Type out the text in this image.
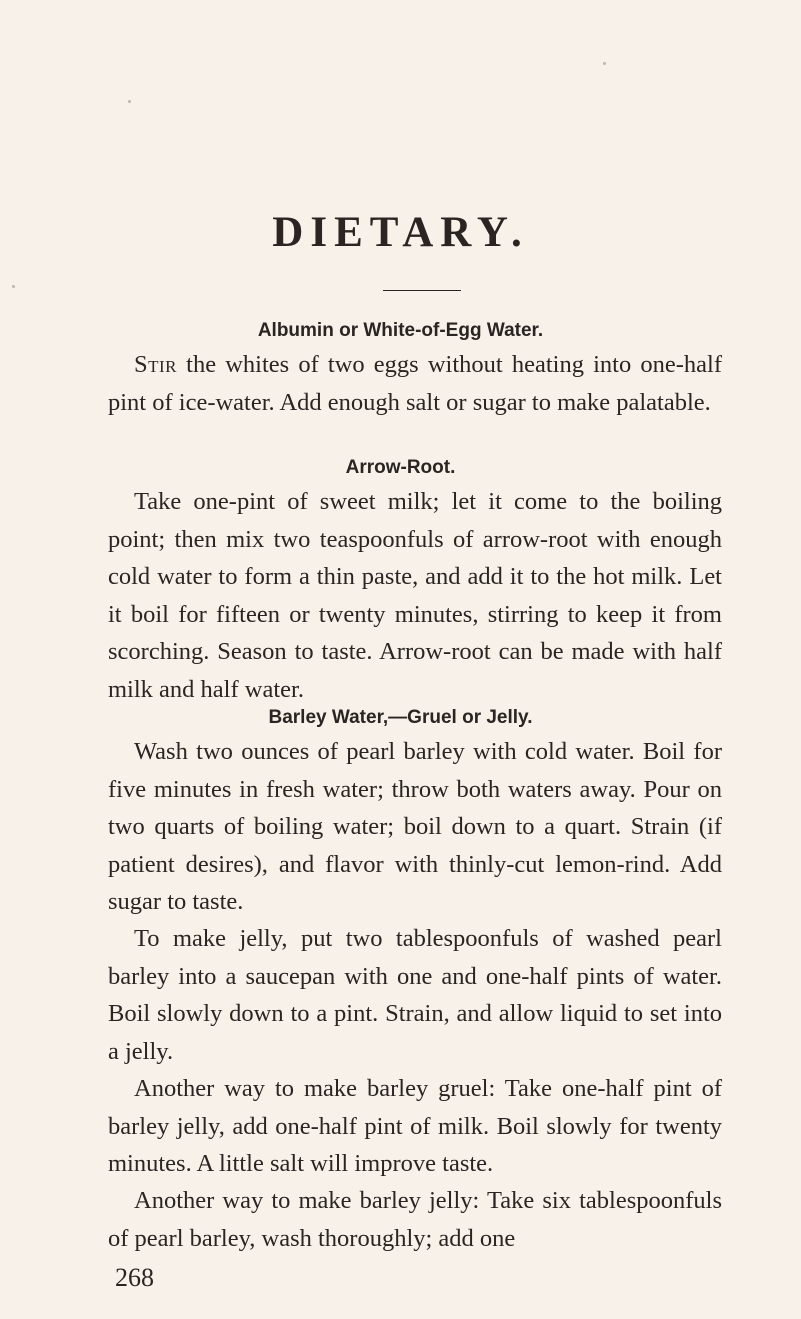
DIETARY.
Albumin or White-of-Egg Water.

Stir the whites of two eggs without heating into one-half pint of ice-water. Add enough salt or sugar to make palatable.

Arrow-Root.

Take one-pint of sweet milk; let it come to the boiling point; then mix two teaspoonfuls of arrow-root with enough cold water to form a thin paste, and add it to the hot milk. Let it boil for fifteen or twenty minutes, stirring to keep it from scorching. Season to taste. Arrow-root can be made with half milk and half water.

Barley Water,—Gruel or Jelly.

Wash two ounces of pearl barley with cold water. Boil for five minutes in fresh water; throw both waters away. Pour on two quarts of boiling water; boil down to a quart. Strain (if patient desires), and flavor with thinly-cut lemon-rind. Add sugar to taste.

To make jelly, put two tablespoonfuls of washed pearl barley into a saucepan with one and one-half pints of water. Boil slowly down to a pint. Strain, and allow liquid to set into a jelly.

Another way to make barley gruel: Take one-half pint of barley jelly, add one-half pint of milk. Boil slowly for twenty minutes. A little salt will improve taste.

Another way to make barley jelly: Take six tablespoonfuls of pearl barley, wash thoroughly; add one

268
